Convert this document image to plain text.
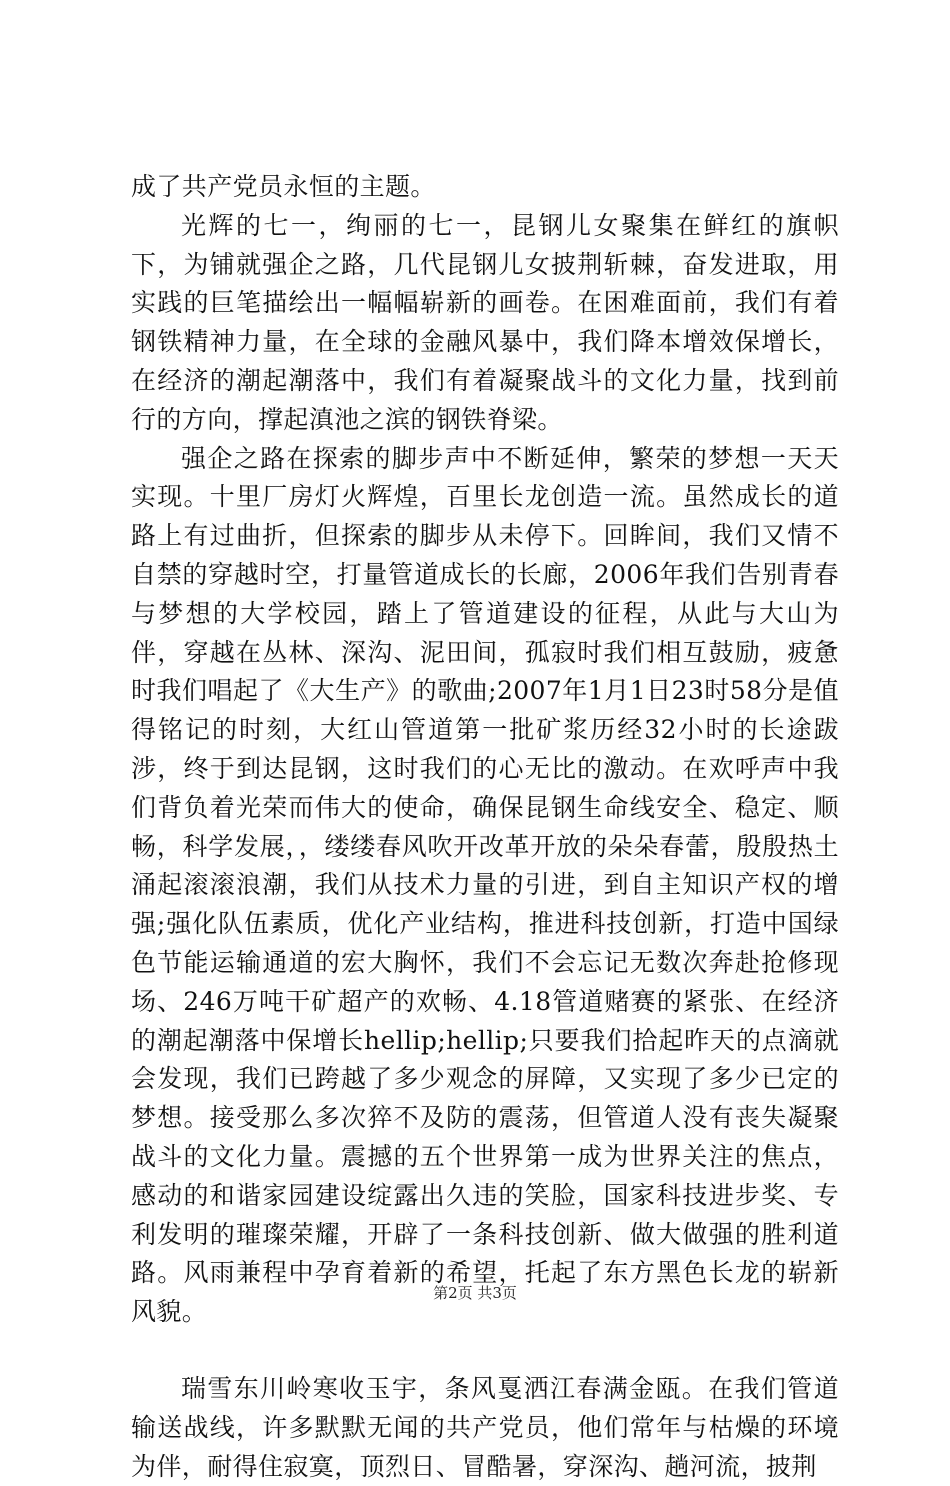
成了共产党员永恒的主题。

光辉的七一，绚丽的七一，昆钢儿女聚集在鲜红的旗帜下，为铺就强企之路，几代昆钢儿女披荆斩棘，奋发进取，用实践的巨笔描绘出一幅幅崭新的画卷。在困难面前，我们有着钢铁精神力量，在全球的金融风暴中，我们降本增效保增长，在经济的潮起潮落中，我们有着凝聚战斗的文化力量，找到前行的方向，撑起滇池之滨的钢铁脊梁。

强企之路在探索的脚步声中不断延伸，繁荣的梦想一天天实现。十里厂房灯火辉煌，百里长龙创造一流。虽然成长的道路上有过曲折，但探索的脚步从未停下。回眸间，我们又情不自禁的穿越时空，打量管道成长的长廊，2006年我们告别青春与梦想的大学校园，踏上了管道建设的征程，从此与大山为伴，穿越在丛林、深沟、泥田间，孤寂时我们相互鼓励，疲惫时我们唱起了《大生产》的歌曲;2007年1月1日23时58分是值得铭记的时刻，大红山管道第一批矿浆历经32小时的长途跋涉，终于到达昆钢，这时我们的心无比的激动。在欢呼声中我们背负着光荣而伟大的使命，确保昆钢生命线安全、稳定、顺畅，科学发展，，缕缕春风吹开改革开放的朵朵春蕾，殷殷热土涌起滚滚浪潮，我们从技术力量的引进，到自主知识产权的增强;强化队伍素质，优化产业结构，推进科技创新，打造中国绿色节能运输通道的宏大胸怀，我们不会忘记无数次奔赴抢修现场、246万吨干矿超产的欢畅、4.18管道赌赛的紧张、在经济的潮起潮落中保增长hellip;hellip;只要我们拾起昨天的点滴就会发现，我们已跨越了多少观念的屏障，又实现了多少已定的梦想。接受那么多次猝不及防的震荡，但管道人没有丧失凝聚战斗的文化力量。震撼的五个世界第一成为世界关注的焦点，感动的和谐家园建设绽露出久违的笑脸，国家科技进步奖、专利发明的璀璨荣耀，开辟了一条科技创新、做大做强的胜利道路。风雨兼程中孕育着新的希望，托起了东方黑色长龙的崭新风貌。

瑞雪东川岭寒收玉宇，条风戛洒江春满金瓯。在我们管道输送战线，许多默默无闻的共产党员，他们常年与枯燥的环境为伴，耐得住寂寞，顶烈日、冒酷暑，穿深沟、趟河流，披荆

第2页 共3页
